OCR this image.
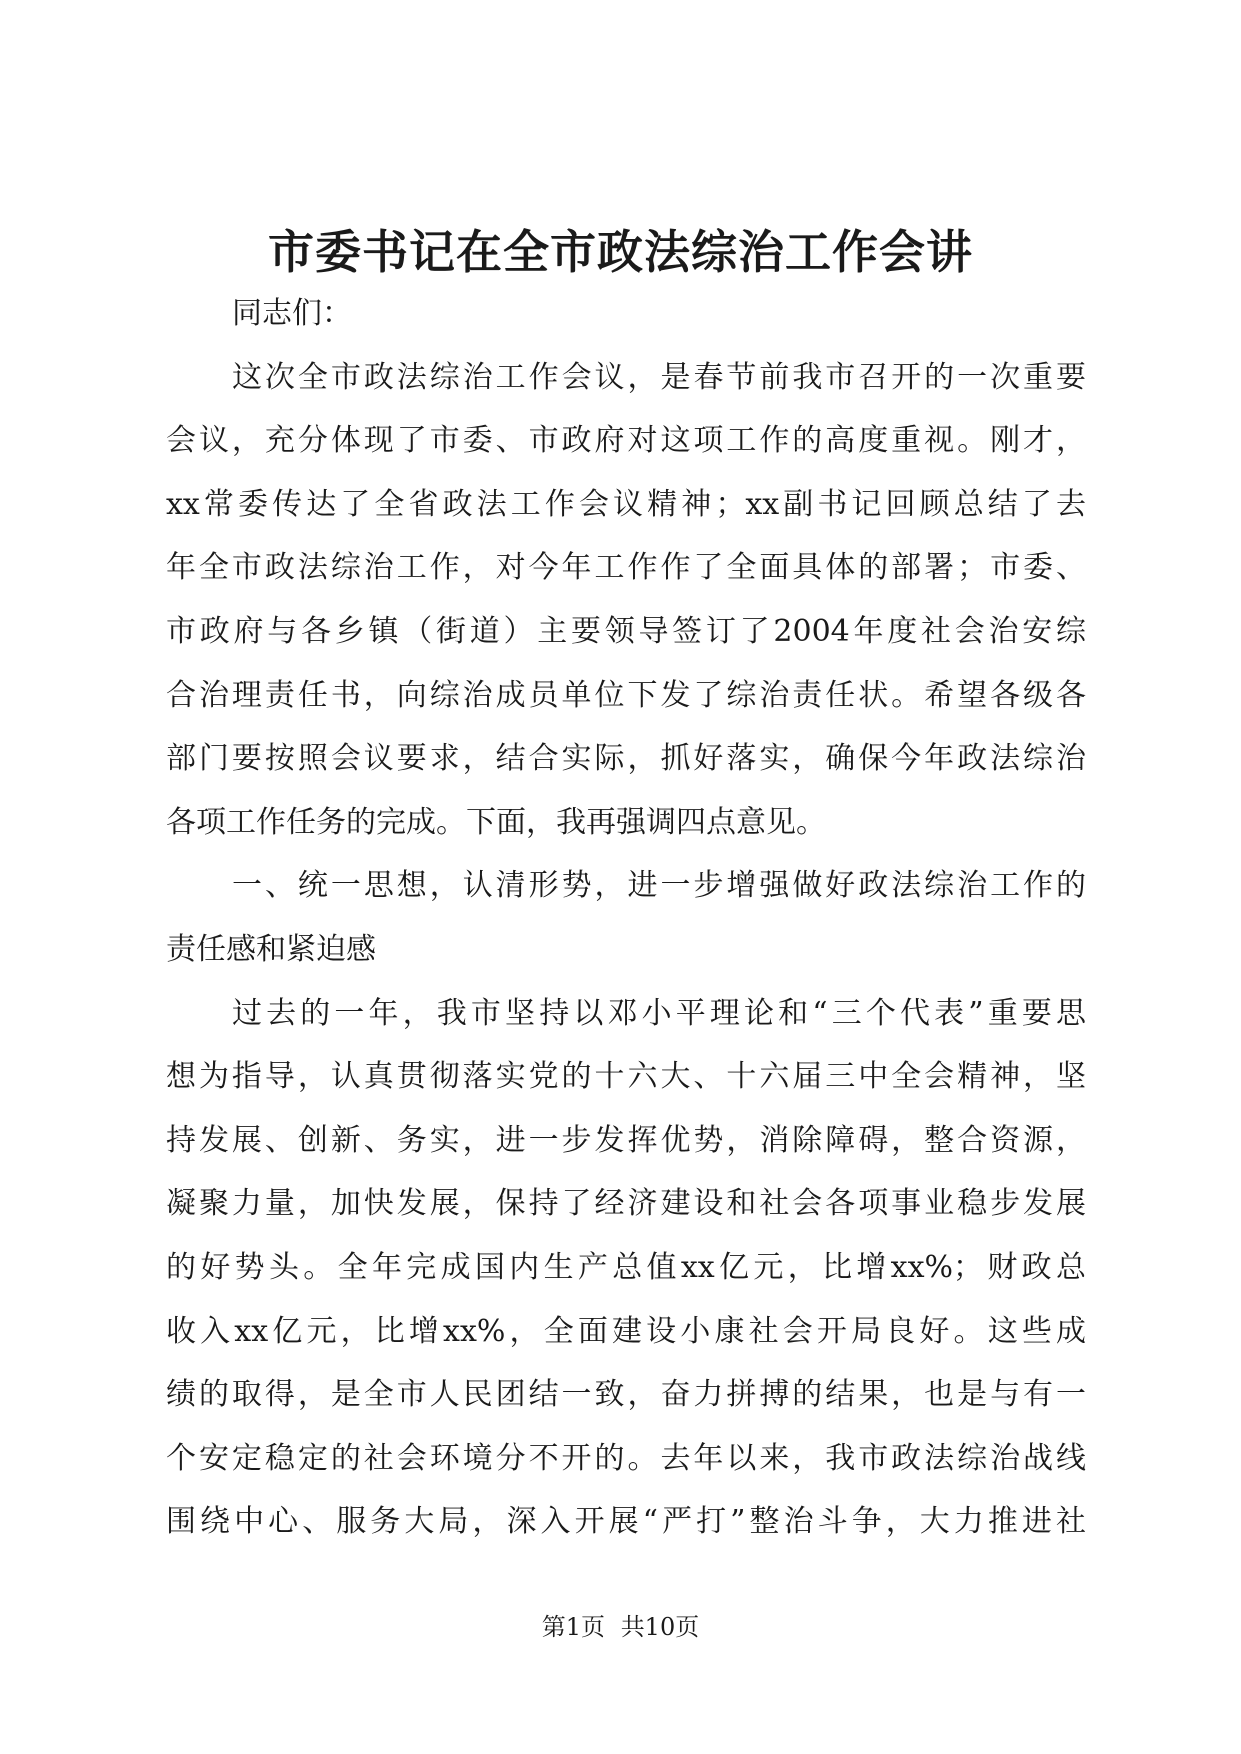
市委书记在全市政法综治工作会讲
同志们：
这次全市政法综治工作会议，是春节前我市召开的一次重要
会议，充分体现了市委、市政府对这项工作的高度重视。刚才，
xx常委传达了全省政法工作会议精神；xx副书记回顾总结了去
年全市政法综治工作，对今年工作作了全面具体的部署；市委、
市政府与各乡镇（街道）主要领导签订了2004年度社会治安综
合治理责任书，向综治成员单位下发了综治责任状。希望各级各
部门要按照会议要求，结合实际，抓好落实，确保今年政法综治
各项工作任务的完成。下面，我再强调四点意见。
一、统一思想，认清形势，进一步增强做好政法综治工作的
责任感和紧迫感
过去的一年，我市坚持以邓小平理论和“三个代表”重要思
想为指导，认真贯彻落实党的十六大、十六届三中全会精神，坚
持发展、创新、务实，进一步发挥优势，消除障碍，整合资源，
凝聚力量，加快发展，保持了经济建设和社会各项事业稳步发展
的好势头。全年完成国内生产总值xx亿元，比增xx%；财政总
收入xx亿元，比增xx%，全面建设小康社会开局良好。这些成
绩的取得，是全市人民团结一致，奋力拼搏的结果，也是与有一
个安定稳定的社会环境分不开的。去年以来，我市政法综治战线
围绕中心、服务大局，深入开展“严打”整治斗争，大力推进社
第1页 共10页
